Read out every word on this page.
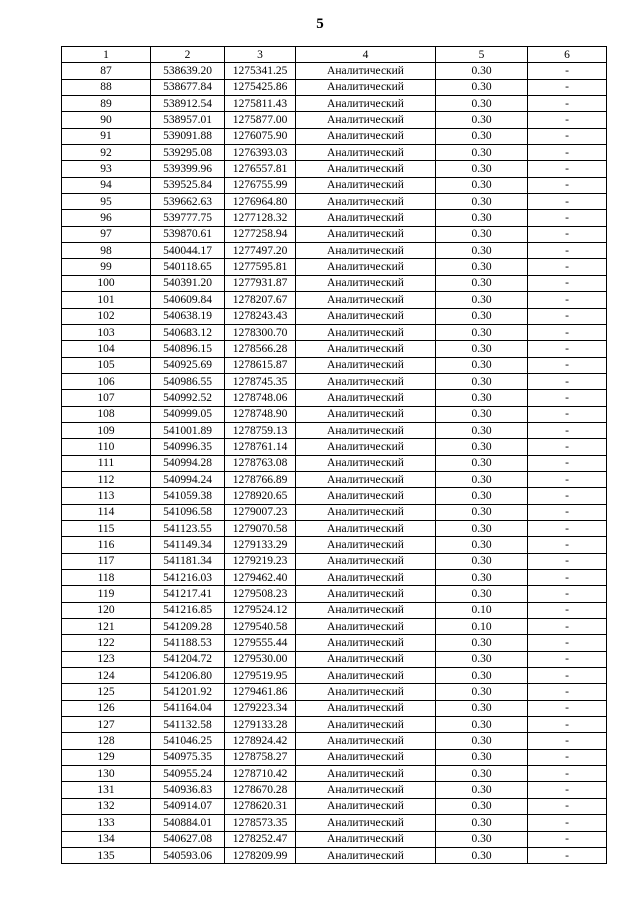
5
1	2	3	4	5	6
87	538639.20	1275341.25	Аналитический	0.30	-
88	538677.84	1275425.86	Аналитический	0.30	-
89	538912.54	1275811.43	Аналитический	0.30	-
90	538957.01	1275877.00	Аналитический	0.30	-
91	539091.88	1276075.90	Аналитический	0.30	-
92	539295.08	1276393.03	Аналитический	0.30	-
93	539399.96	1276557.81	Аналитический	0.30	-
94	539525.84	1276755.99	Аналитический	0.30	-
95	539662.63	1276964.80	Аналитический	0.30	-
96	539777.75	1277128.32	Аналитический	0.30	-
97	539870.61	1277258.94	Аналитический	0.30	-
98	540044.17	1277497.20	Аналитический	0.30	-
99	540118.65	1277595.81	Аналитический	0.30	-
100	540391.20	1277931.87	Аналитический	0.30	-
101	540609.84	1278207.67	Аналитический	0.30	-
102	540638.19	1278243.43	Аналитический	0.30	-
103	540683.12	1278300.70	Аналитический	0.30	-
104	540896.15	1278566.28	Аналитический	0.30	-
105	540925.69	1278615.87	Аналитический	0.30	-
106	540986.55	1278745.35	Аналитический	0.30	-
107	540992.52	1278748.06	Аналитический	0.30	-
108	540999.05	1278748.90	Аналитический	0.30	-
109	541001.89	1278759.13	Аналитический	0.30	-
110	540996.35	1278761.14	Аналитический	0.30	-
111	540994.28	1278763.08	Аналитический	0.30	-
112	540994.24	1278766.89	Аналитический	0.30	-
113	541059.38	1278920.65	Аналитический	0.30	-
114	541096.58	1279007.23	Аналитический	0.30	-
115	541123.55	1279070.58	Аналитический	0.30	-
116	541149.34	1279133.29	Аналитический	0.30	-
117	541181.34	1279219.23	Аналитический	0.30	-
118	541216.03	1279462.40	Аналитический	0.30	-
119	541217.41	1279508.23	Аналитический	0.30	-
120	541216.85	1279524.12	Аналитический	0.10	-
121	541209.28	1279540.58	Аналитический	0.10	-
122	541188.53	1279555.44	Аналитический	0.30	-
123	541204.72	1279530.00	Аналитический	0.30	-
124	541206.80	1279519.95	Аналитический	0.30	-
125	541201.92	1279461.86	Аналитический	0.30	-
126	541164.04	1279223.34	Аналитический	0.30	-
127	541132.58	1279133.28	Аналитический	0.30	-
128	541046.25	1278924.42	Аналитический	0.30	-
129	540975.35	1278758.27	Аналитический	0.30	-
130	540955.24	1278710.42	Аналитический	0.30	-
131	540936.83	1278670.28	Аналитический	0.30	-
132	540914.07	1278620.31	Аналитический	0.30	-
133	540884.01	1278573.35	Аналитический	0.30	-
134	540627.08	1278252.47	Аналитический	0.30	-
135	540593.06	1278209.99	Аналитический	0.30	-
